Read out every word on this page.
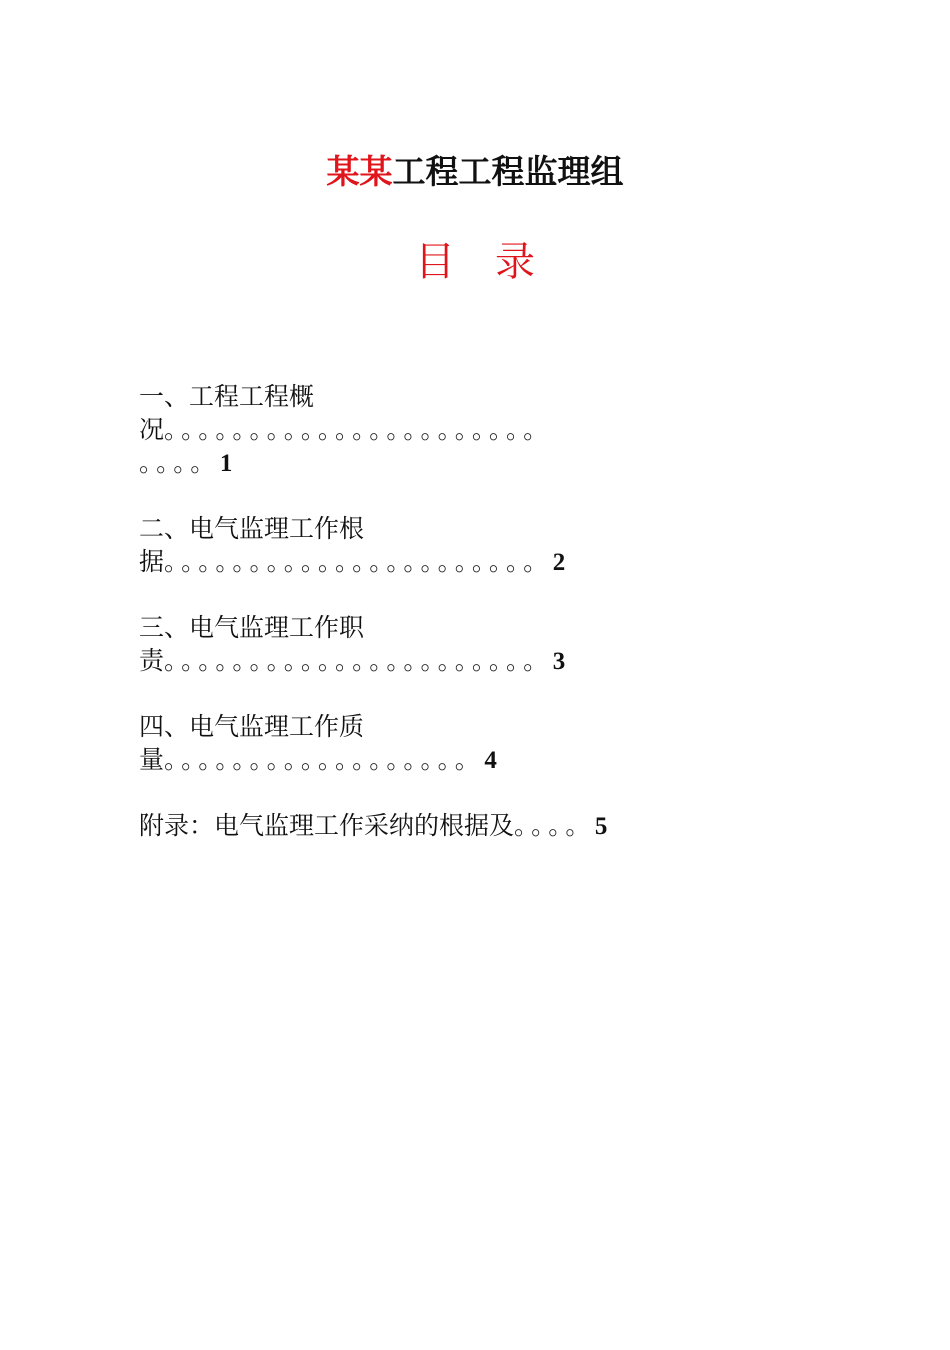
某某工程工程监理组
目录
一、工程工程概
况。。。。。。。。。。。。。。。。。。。。。。
。。。。1
二、电气监理工作根
据。。。。。。。。。。。。。。。。。。。。。。2
三、电气监理工作职
责。。。。。。。。。。。。。。。。。。。。。。3
四、电气监理工作质
量。。。。。。。。。。。。。。。。。。4
附录：电气监理工作采纳的根据及。。。。5
